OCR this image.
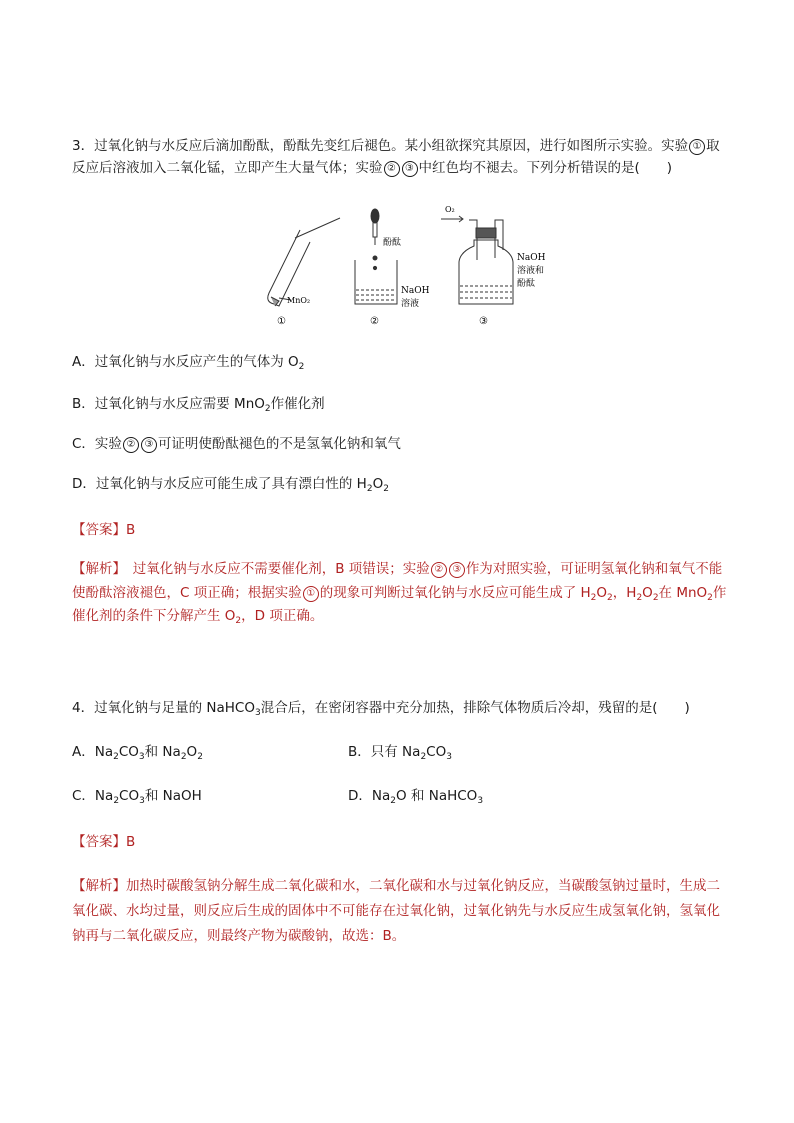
3．过氧化钠与水反应后滴加酚酞，酚酞先变红后褪色。某小组欲探究其原因，进行如图所示实验。实验 ① 取反应后溶液加入二氧化锰，立即产生大量气体；实验 ② ③ 中红色均不褪去。下列分析错误的是(　　)
MnO₂
①
酚酞
NaOH
溶液
②
O₂
NaOH
溶液和
酚酞
③
A．过氧化钠与水反应产生的气体为 $O_2$
B．过氧化钠与水反应需要 MnO$_2$作催化剂
C．实验 ② ③ 可证明使酚酞褪色的不是氢氧化钠和氧气
D．过氧化钠与水反应可能生成了具有漂白性的 $H_2O_2$
【答案】B
【解析】　过氧化钠与水反应不需要催化剂，B 项错误；实验 ② ③ 作为对照实验，可证明氢氧化钠和氧气不能使酚酞溶液褪色，C 项正确；根据实验 ① 的现象可判断过氧化钠与水反应可能生成了 $H_2O_2$，$H_2O_2$在 MnO$_2$作催化剂的条件下分解产生 $O_2$，D 项正确。
4．过氧化钠与足量的 NaHCO$_3$混合后，在密闭容器中充分加热，排除气体物质后冷却，残留的是(　　)
A．$Na_2CO_3$和 $Na_2O_2$	B．只有 $Na_2CO_3$
C．$Na_2CO_3$和 NaOH	D．$Na_2O$ 和 NaHCO$_3$
【答案】B
【解析】加热时碳酸氢钠分解生成二氧化碳和水，二氧化碳和水与过氧化钠反应，当碳酸氢钠过量时，生成二氧化碳、水均过量，则反应后生成的固体中不可能存在过氧化钠，过氧化钠先与水反应生成氢氧化钠，氢氧化钠再与二氧化碳反应，则最终产物为碳酸钠，故选：B。
